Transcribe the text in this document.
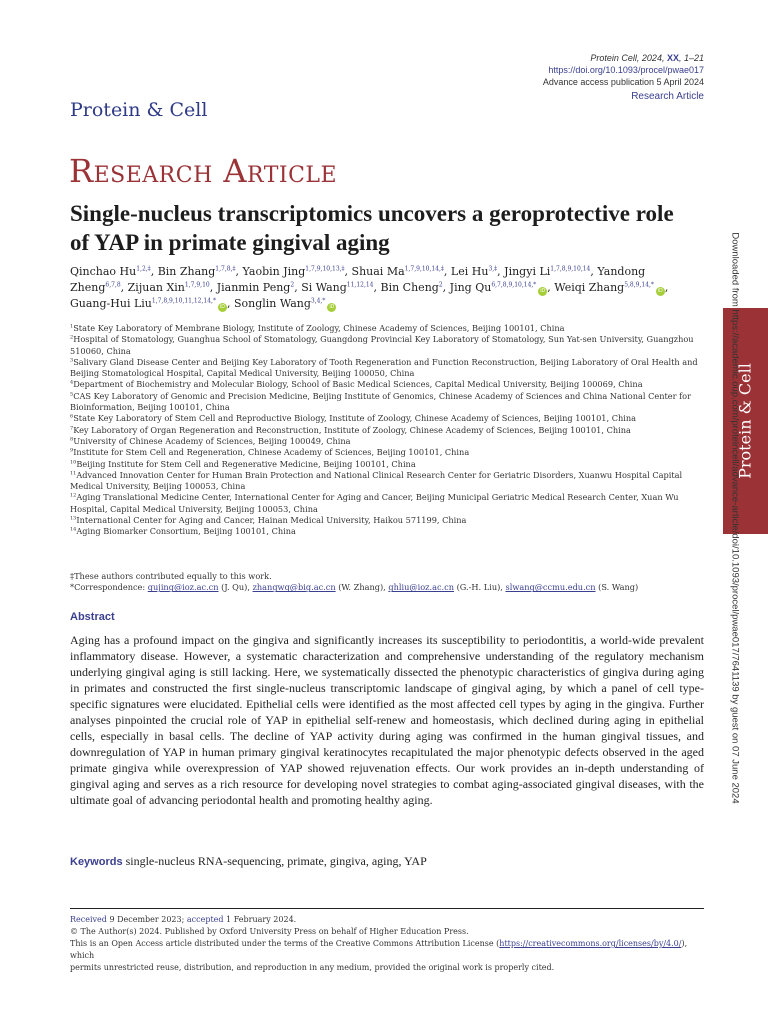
Protein Cell, 2024, XX, 1–21
https://doi.org/10.1093/procel/pwae017
Advance access publication 5 April 2024
Research Article
Protein & Cell
Research Article
Single-nucleus transcriptomics uncovers a geroprotective role of YAP in primate gingival aging
Qinchao $Hu^{1,2,\ddagger}$, Bin Zhang$^{1,7,8,\ddagger}$, Yaobin Jing$^{1,7,9,10,13,\ddagger}$, Shuai $Ma^{1,7,9,10,14,\ddagger}$, Lei $Hu^{3,\ddagger}$, Jingyi Li$^{1,7,8,9,10,14}$, Yandong Zheng$^{6,7,8}$, Zijuan Xin$^{1,7,9,10}$, Jianmin Peng$^2$, Si Wang$^{11,12,14}$, Bin Cheng$^2$, Jing $Qu^{6,7,8,9,10,14,*}iD$ , Weiqi Zhang$^{5,8,9,14,*}$iD , Guang-Hui Liu$^{1,7,8,9,10,11,12,14,*}$iD , Songlin Wang$^{3,4,*}$iD
$^1$State Key Laboratory of Membrane Biology, Institute of Zoology, Chinese Academy of Sciences, Beijing 100101, China
$^2$Hospital of Stomatology, Guanghua School of Stomatology, Guangdong Provincial Key Laboratory of Stomatology, Sun Yat-sen University, Guangzhou 510060, China
$^3$Salivary Gland Disease Center and Beijing Key Laboratory of Tooth Regeneration and Function Reconstruction, Beijing Laboratory of Oral Health and Beijing Stomatological Hospital, Capital Medical University, Beijing 100050, China
$^4$Department of Biochemistry and Molecular Biology, School of Basic Medical Sciences, Capital Medical University, Beijing 100069, China
$^5$CAS Key Laboratory of Genomic and Precision Medicine, Beijing Institute of Genomics, Chinese Academy of Sciences and China National Center for Bioinformation, Beijing 100101, China
$^6$State Key Laboratory of Stem Cell and Reproductive Biology, Institute of Zoology, Chinese Academy of Sciences, Beijing 100101, China
$^7$Key Laboratory of Organ Regeneration and Reconstruction, Institute of Zoology, Chinese Academy of Sciences, Beijing 100101, China
$^8$University of Chinese Academy of Sciences, Beijing 100049, China
$^9$Institute for Stem Cell and Regeneration, Chinese Academy of Sciences, Beijing 100101, China
$^{10}$Beijing Institute for Stem Cell and Regenerative Medicine, Beijing 100101, China
$^{11}$Advanced Innovation Center for Human Brain Protection and National Clinical Research Center for Geriatric Disorders, Xuanwu Hospital Capital Medical University, Beijing 100053, China
$^{12}$Aging Translational Medicine Center, International Center for Aging and Cancer, Beijing Municipal Geriatric Medical Research Center, Xuan Wu Hospital, Capital Medical University, Beijing 100053, China
$^{13}$International Center for Aging and Cancer, Hainan Medical University, Haikou 571199, China
$^{14}$Aging Biomarker Consortium, Beijing 100101, China
‡These authors contributed equally to this work.
*Correspondence: qujing@ioz.ac.cn (J. Qu), zhangwq@big.ac.cn (W. Zhang), ghliu@ioz.ac.cn (G.-H. Liu), slwang@ccmu.edu.cn (S. Wang)
Abstract
Aging has a profound impact on the gingiva and significantly increases its susceptibility to periodontitis, a world-wide prevalent inflammatory disease. However, a systematic characterization and comprehensive understanding of the regulatory mechanism underlying gingival aging is still lacking. Here, we systematically dissected the phenotypic characteristics of gingiva during aging in primates and constructed the first single-nucleus transcriptomic landscape of gingival aging, by which a panel of cell type-specific signatures were elucidated. Epithelial cells were identified as the most affected cell types by aging in the gingiva. Further analyses pinpointed the crucial role of YAP in epithelial self-renew and homeostasis, which declined during aging in epithelial cells, especially in basal cells. The decline of YAP activity during aging was confirmed in the human gingival tissues, and downregulation of YAP in human primary gingival keratinocytes recapitulated the major phenotypic defects observed in the aged primate gingiva while overexpression of YAP showed rejuvenation effects. Our work provides an in-depth understanding of gingival aging and serves as a rich resource for developing novel strategies to combat aging-associated gingival diseases, with the ultimate goal of advancing periodontal health and promoting healthy aging.
Keywords single-nucleus RNA-sequencing, primate, gingiva, aging, YAP
Received 9 December 2023; accepted 1 February 2024.
© The Author(s) 2024. Published by Oxford University Press on behalf of Higher Education Press.
This is an Open Access article distributed under the terms of the Creative Commons Attribution License (https://creativecommons.org/licenses/by/4.0/), which
permits unrestricted reuse, distribution, and reproduction in any medium, provided the original work is properly cited.
Protein & Cell
Downloaded from https://academic.oup.com/proteincell/advance-article/doi/10.1093/procel/pwae017/7641139 by guest on 07 June 2024
